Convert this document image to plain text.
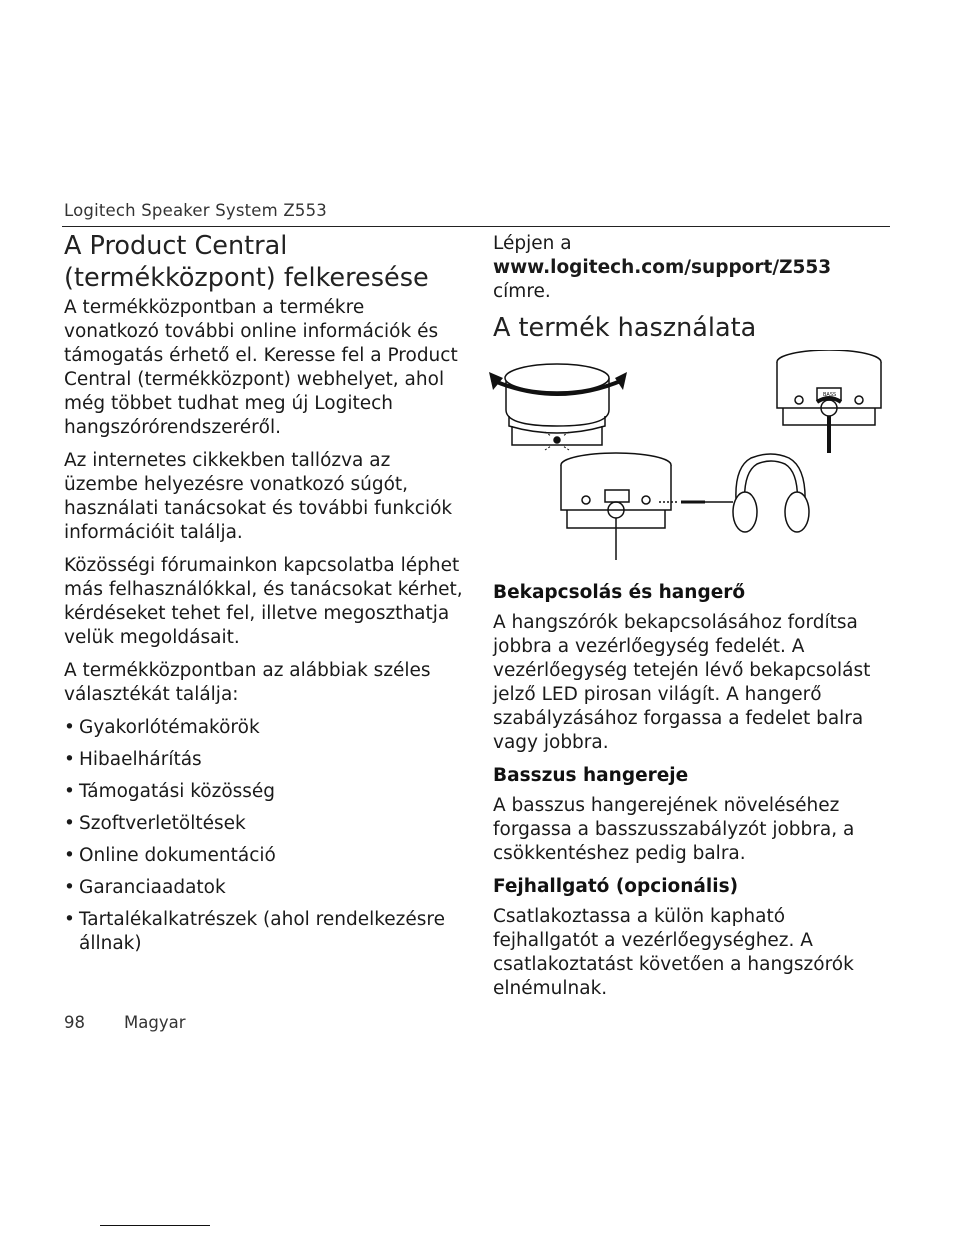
Logitech Speaker System Z553
A Product Central
(termékközpont) felkeresése

A termékközpontban a termékre vonatkozó további online információk és támogatás érhető el. Keresse fel a Product Central (termékközpont) webhelyet, ahol még többet tudhat meg új Logitech hangszórórendszeréről.

Az internetes cikkekben tallózva az üzembe helyezésre vonatkozó súgót, használati tanácsokat és további funkciók információit találja.

Közösségi fórumainkon kapcsolatba léphet más felhasználókkal, és tanácsokat kérhet, kérdéseket tehet fel, illetve megoszthatja velük megoldásait.

A termékközpontban az alábbiak széles választékát találja:

• Gyakorlótémakörök
• Hibaelhárítás
• Támogatási közösség
• Szoftverletöltések
• Online dokumentáció
• Garanciaadatok
• Tartalékalkatrészek (ahol rendelkezésre állnak)

Lépjen a www.logitech.com/support/Z553
címre.

A termék használata
BASS
Bekapcsolás és hangerő

A hangszórók bekapcsolásához fordítsa jobbra a vezérlőegység fedelét. A vezérlőegység tetején lévő bekapcsolást jelző LED pirosan világít. A hangerő szabályzásához forgassa a fedelet balra vagy jobbra.

Basszus hangereje

A basszus hangerejének növeléséhez forgassa a basszusszabályzót jobbra, a csökkentéshez pedig balra.

Fejhallgató (opcionális)

Csatlakoztassa a külön kapható fejhallgatót a vezérlőegységhez. A csatlakoztatást követően a hangszórók elnémulnak.

98 Magyar
